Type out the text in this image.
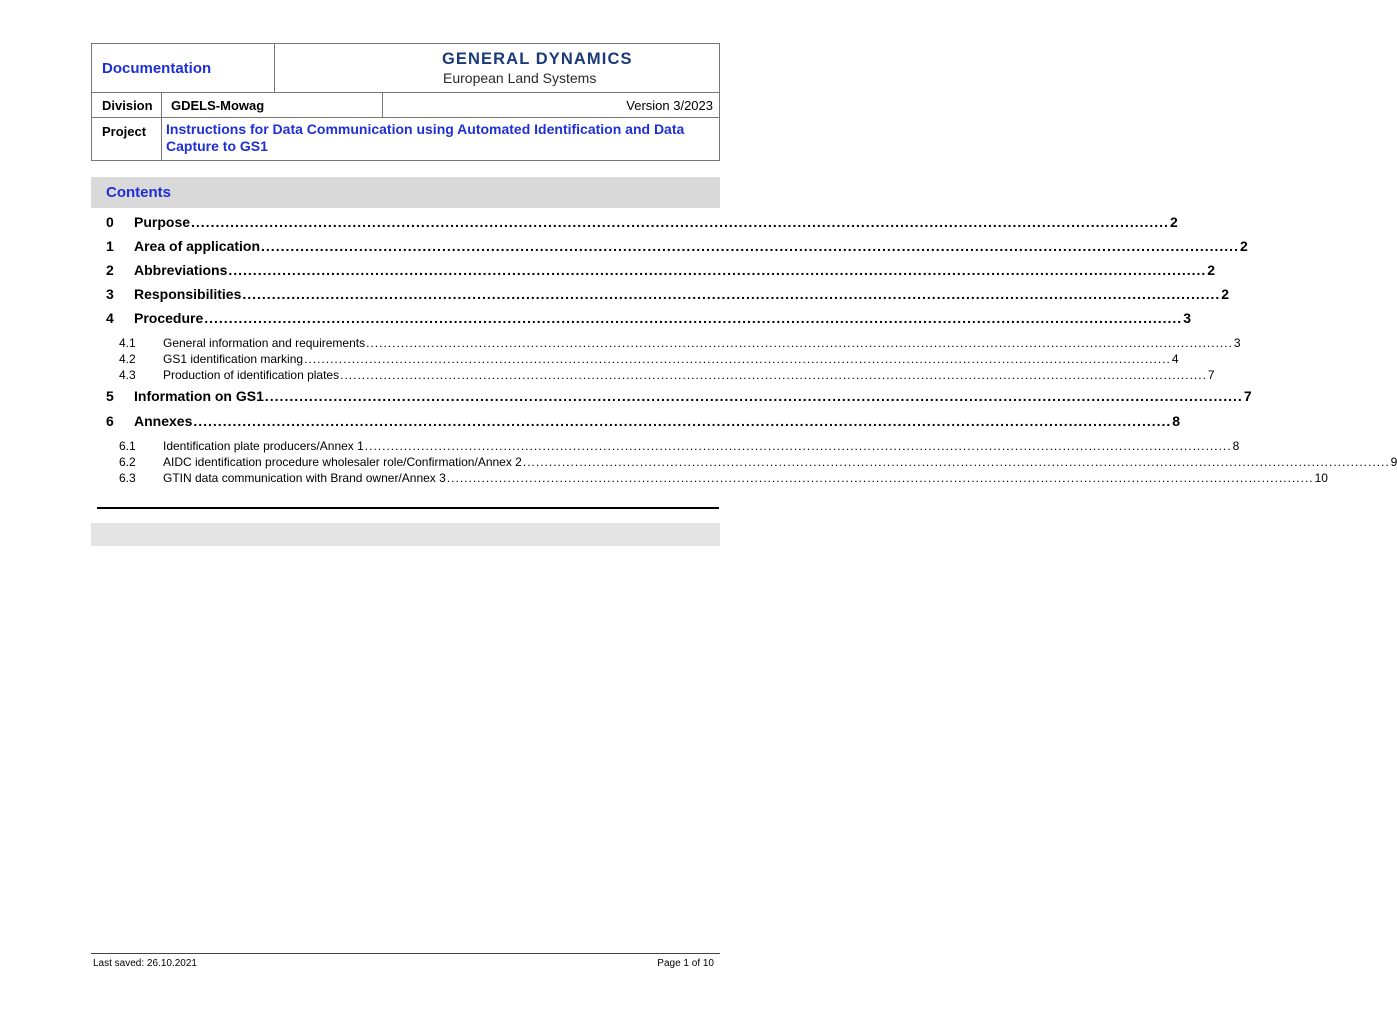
Documentation
GENERAL DYNAMICS
European Land Systems
Division GDELS-Mowag	Version 3/2023
Project Instructions for Data Communication using Automated Identification and Data Capture to GS1
Contents
0	Purpose ........................................................................................................................................................................................................ 2
1	Area of application ........................................................................................................................................................................................................ 2
2	Abbreviations ........................................................................................................................................................................................................ 2
3	Responsibilities ........................................................................................................................................................................................................ 2
4	Procedure ........................................................................................................................................................................................................ 3
4.1	General information and requirements ........................................................................................................................................................................................................ 3
4.2	GS1 identification marking ........................................................................................................................................................................................................ 4
4.3	Production of identification plates ........................................................................................................................................................................................................ 7
5	Information on GS1 ........................................................................................................................................................................................................ 7
6	Annexes ........................................................................................................................................................................................................ 8
6.1	Identification plate producers/Annex 1 ........................................................................................................................................................................................................ 8
6.2	AIDC identification procedure wholesaler role/Confirmation/Annex 2 ........................................................................................................................................................................................................ 9
6.3	GTIN data communication with Brand owner/Annex 3 ........................................................................................................................................................................................................ 10
Last saved: 26.10.2021	Page 1 of 10
